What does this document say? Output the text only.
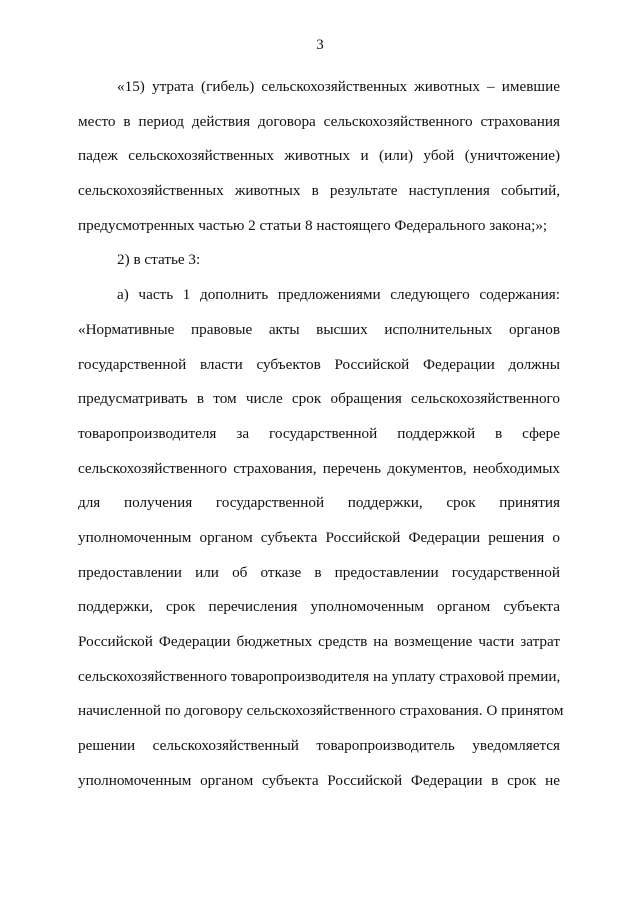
3
«15) утрата (гибель) сельскохозяйственных животных – имевшие
место в период действия договора сельскохозяйственного страхования
падеж сельскохозяйственных животных и (или) убой (уничтожение)
сельскохозяйственных животных в результате наступления событий,
предусмотренных частью 2 статьи 8 настоящего Федерального закона;»;
2) в статье 3:
а) часть 1 дополнить предложениями следующего содержания:
«Нормативные правовые акты высших исполнительных органов
государственной власти субъектов Российской Федерации должны
предусматривать в том числе срок обращения сельскохозяйственного
товаропроизводителя за государственной поддержкой в сфере
сельскохозяйственного страхования, перечень документов, необходимых
для получения государственной поддержки, срок принятия
уполномоченным органом субъекта Российской Федерации решения о
предоставлении или об отказе в предоставлении государственной
поддержки, срок перечисления уполномоченным органом субъекта
Российской Федерации бюджетных средств на возмещение части затрат
сельскохозяйственного товаропроизводителя на уплату страховой премии,
начисленной по договору сельскохозяйственного страхования. О принятом
решении сельскохозяйственный товаропроизводитель уведомляется
уполномоченным органом субъекта Российской Федерации в срок не
